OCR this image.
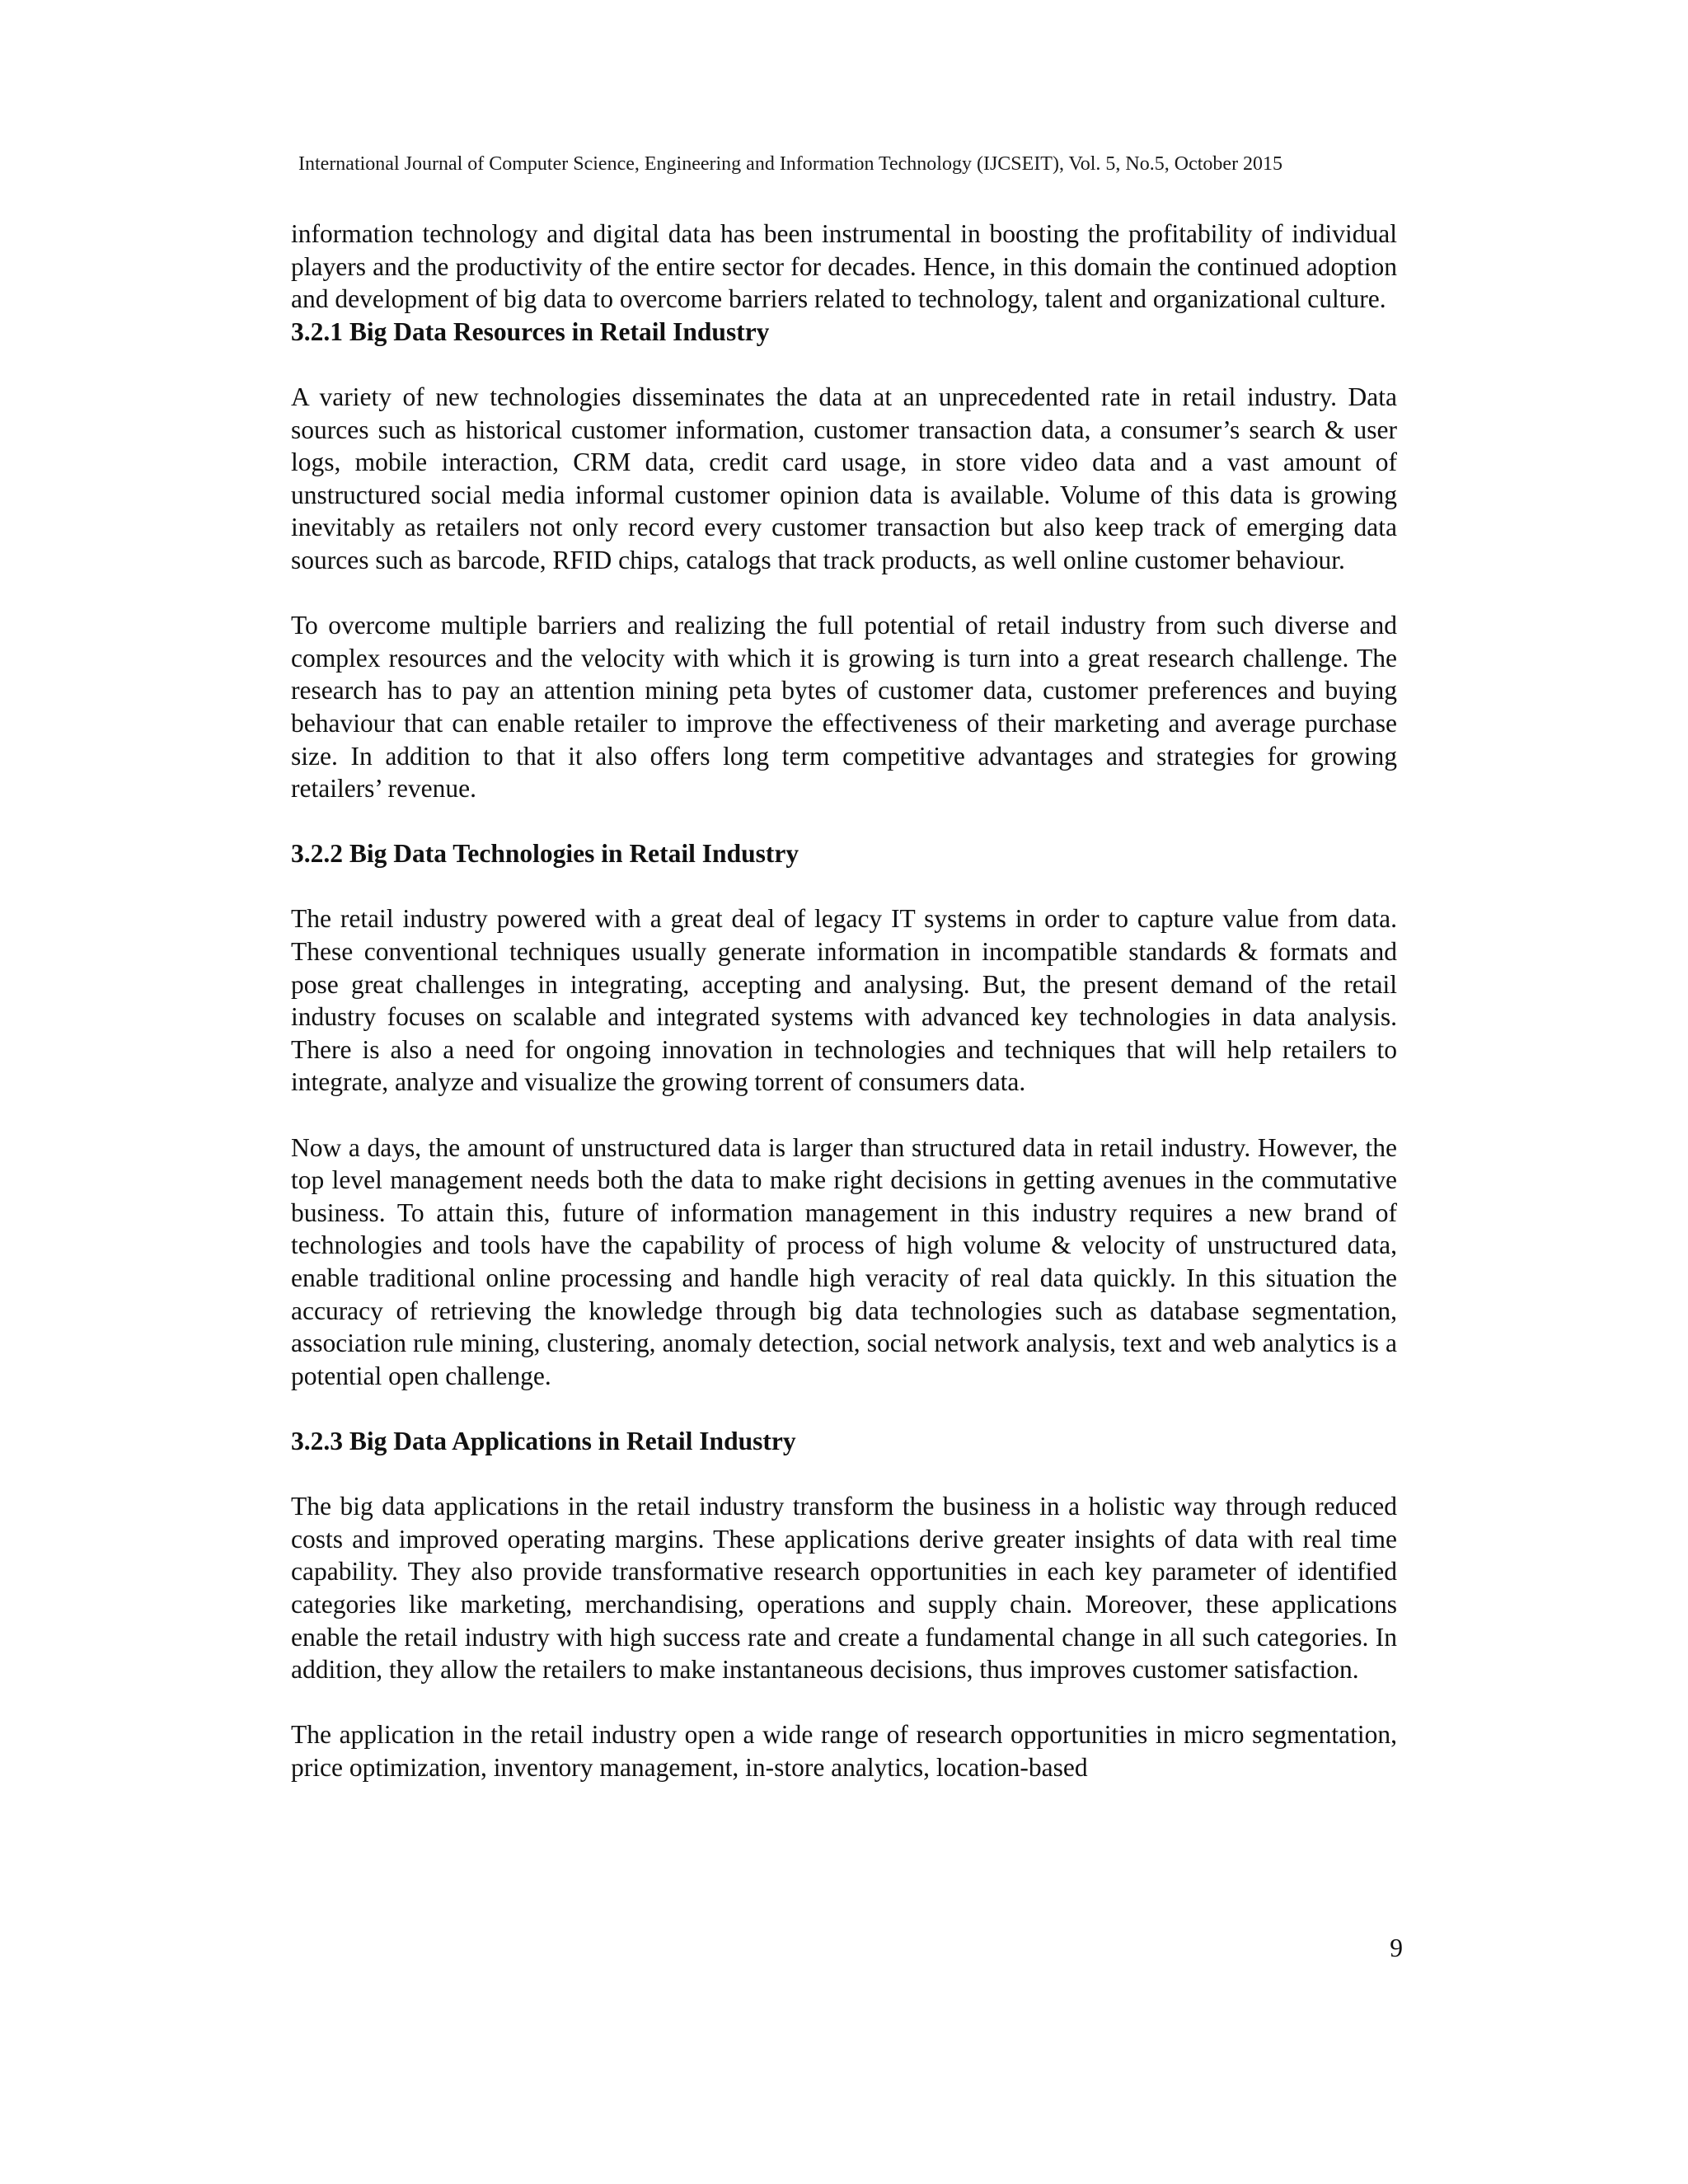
International Journal of Computer Science, Engineering and Information Technology (IJCSEIT), Vol. 5, No.5, October 2015

information technology and digital data has been instrumental in boosting the profitability of individual players and the productivity of the entire sector for decades. Hence, in this domain the continued adoption and development of big data to overcome barriers related to technology, talent and organizational culture.

3.2.1 Big Data Resources in Retail Industry

A variety of new technologies disseminates the data at an unprecedented rate in retail industry. Data sources such as historical customer information, customer transaction data, a consumer’s search & user logs, mobile interaction, CRM data, credit card usage, in store video data and a vast amount of unstructured social media informal customer opinion data is available. Volume of this data is growing inevitably as retailers not only record every customer transaction but also keep track of emerging data sources such as barcode, RFID chips, catalogs that track products, as well online customer behaviour.

To overcome multiple barriers and realizing the full potential of retail industry from such diverse and complex resources and the velocity with which it is growing is turn into a great research challenge. The research has to pay an attention mining peta bytes of customer data, customer preferences and buying behaviour that can enable retailer to improve the effectiveness of their marketing and average purchase size. In addition to that it also offers long term competitive advantages and strategies for growing retailers’ revenue.

3.2.2 Big Data Technologies in Retail Industry

The retail industry powered with a great deal of legacy IT systems in order to capture value from data. These conventional techniques usually generate information in incompatible standards & formats and pose great challenges in integrating, accepting and analysing. But, the present demand of the retail industry focuses on scalable and integrated systems with advanced key technologies in data analysis. There is also a need for ongoing innovation in technologies and techniques that will help retailers to integrate, analyze and visualize the growing torrent of consumers data.

Now a days, the amount of unstructured data is larger than structured data in retail industry. However, the top level management needs both the data to make right decisions in getting avenues in the commutative business. To attain this, future of information management in this industry requires a new brand of technologies and tools have the capability of process of high volume & velocity of unstructured data, enable traditional online processing and handle high veracity of real data quickly. In this situation the accuracy of retrieving the knowledge through big data technologies such as database segmentation, association rule mining, clustering, anomaly detection, social network analysis, text and web analytics is a potential open challenge.

3.2.3 Big Data Applications in Retail Industry

The big data applications in the retail industry transform the business in a holistic way through reduced costs and improved operating margins. These applications derive greater insights of data with real time capability. They also provide transformative research opportunities in each key parameter of identified categories like marketing, merchandising, operations and supply chain. Moreover, these applications enable the retail industry with high success rate and create a fundamental change in all such categories. In addition, they allow the retailers to make instantaneous decisions, thus improves customer satisfaction.

The application in the retail industry open a wide range of research opportunities in micro segmentation, price optimization, inventory management, in-store analytics, location-based

9
